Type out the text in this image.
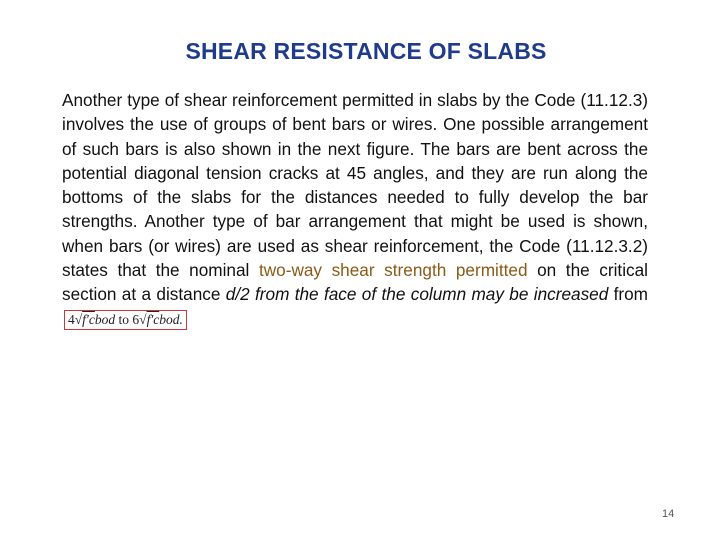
SHEAR RESISTANCE OF SLABS
Another type of shear reinforcement permitted in slabs by the Code (11.12.3) involves the use of groups of bent bars or wires. One possible arrangement of such bars is also shown in the next figure. The bars are bent across the potential diagonal tension cracks at 45 angles, and they are run along the bottoms of the slabs for the distances needed to fully develop the bar strengths. Another type of bar arrangement that might be used is shown, when bars (or wires) are used as shear reinforcement, the Code (11.12.3.2) states that the nominal two-way shear strength permitted on the critical section at a distance d/2 from the face of the column may be increased from4√f′cbod to 6√f′cbod.
14
